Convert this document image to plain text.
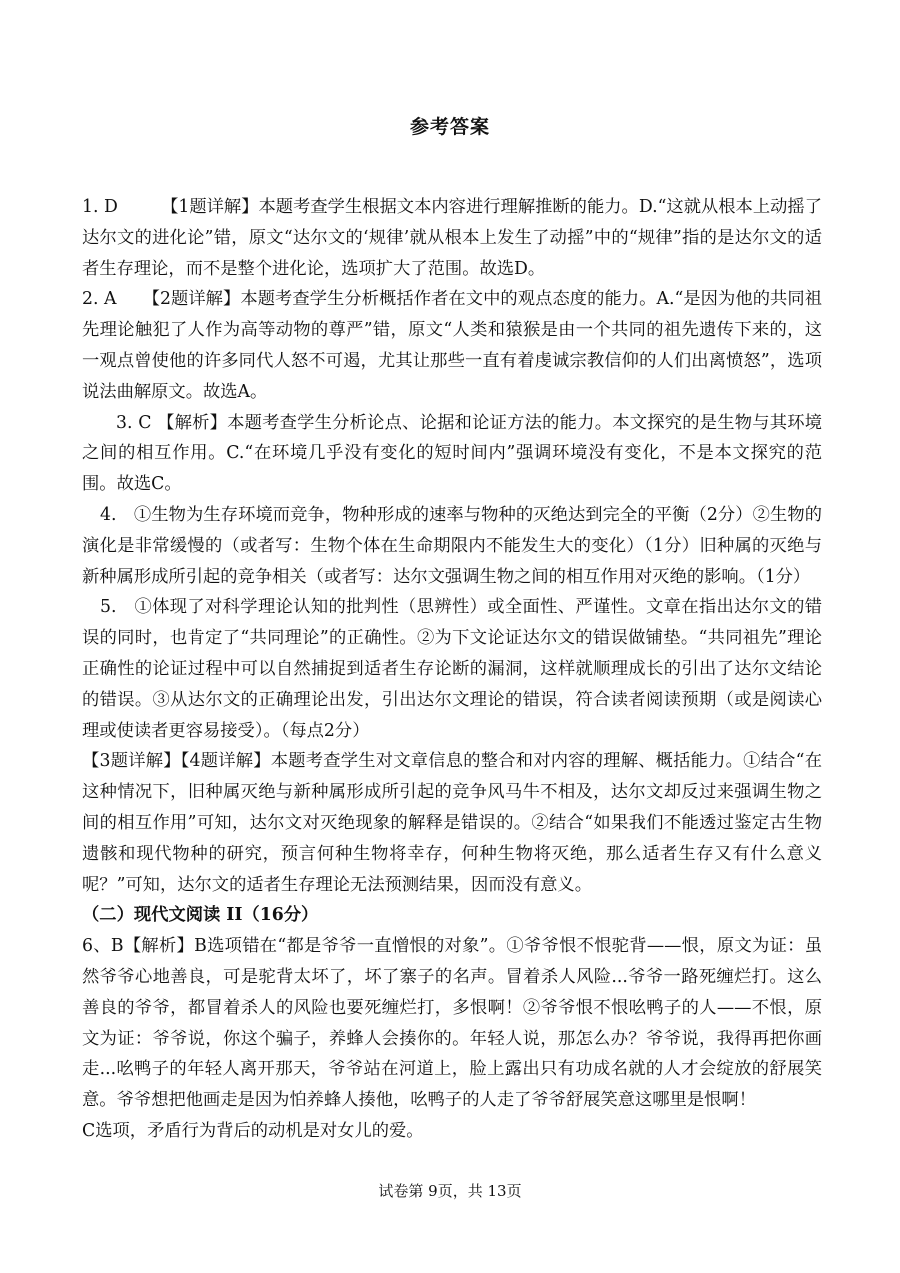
参考答案

1. D　　　【1题详解】本题考查学生根据文本内容进行理解推断的能力。D.“这就从根本上动摇了达尔文的进化论”错，原文“达尔文的‘规律’就从根本上发生了动摇”中的“规律”指的是达尔文的适者生存理论，而不是整个进化论，选项扩大了范围。故选D。

2. A　　【2题详解】本题考查学生分析概括作者在文中的观点态度的能力。A.“是因为他的共同祖先理论触犯了人作为高等动物的尊严”错，原文“人类和猿猴是由一个共同的祖先遗传下来的，这一观点曾使他的许多同代人怒不可遏，尤其让那些一直有着虔诚宗教信仰的人们出离愤怒”，选项说法曲解原文。故选A。

3. C 【解析】本题考查学生分析论点、论据和论证方法的能力。本文探究的是生物与其环境之间的相互作用。C.“在环境几乎没有变化的短时间内”强调环境没有变化，不是本文探究的范围。故选C。

4.　①生物为生存环境而竞争，物种形成的速率与物种的灭绝达到完全的平衡（2分）②生物的演化是非常缓慢的（或者写：生物个体在生命期限内不能发生大的变化）（1分）旧种属的灭绝与新种属形成所引起的竞争相关（或者写：达尔文强调生物之间的相互作用对灭绝的影响。（1分）

5.　①体现了对科学理论认知的批判性（思辨性）或全面性、严谨性。文章在指出达尔文的错误的同时，也肯定了“共同理论”的正确性。②为下文论证达尔文的错误做铺垫。“共同祖先”理论正确性的论证过程中可以自然捕捉到适者生存论断的漏洞，这样就顺理成长的引出了达尔文结论的错误。③从达尔文的正确理论出发，引出达尔文理论的错误，符合读者阅读预期（或是阅读心理或使读者更容易接受）。（每点2分）

【3题详解】【4题详解】本题考查学生对文章信息的整合和对内容的理解、概括能力。①结合“在这种情况下，旧种属灭绝与新种属形成所引起的竞争风马牛不相及，达尔文却反过来强调生物之间的相互作用”可知，达尔文对灭绝现象的解释是错误的。②结合“如果我们不能透过鉴定古生物遗骸和现代物种的研究，预言何种生物将幸存，何种生物将灭绝，那么适者生存又有什么意义呢？”可知，达尔文的适者生存理论无法预测结果，因而没有意义。

（二）现代文阅读 II（16分）

6、B【解析】B选项错在“都是爷爷一直憎恨的对象”。①爷爷恨不恨驼背——恨，原文为证：虽然爷爷心地善良，可是驼背太坏了，坏了寨子的名声。冒着杀人风险...爷爷一路死缠烂打。这么善良的爷爷，都冒着杀人的风险也要死缠烂打，多恨啊！②爷爷恨不恨吆鸭子的人——不恨，原文为证：爷爷说，你这个骗子，养蜂人会揍你的。年轻人说，那怎么办？爷爷说，我得再把你画走...吆鸭子的年轻人离开那天，爷爷站在河道上，脸上露出只有功成名就的人才会绽放的舒展笑意。爷爷想把他画走是因为怕养蜂人揍他，吆鸭子的人走了爷爷舒展笑意这哪里是恨啊！

C选项，矛盾行为背后的动机是对女儿的爱。

试卷第 9页，共 13页
